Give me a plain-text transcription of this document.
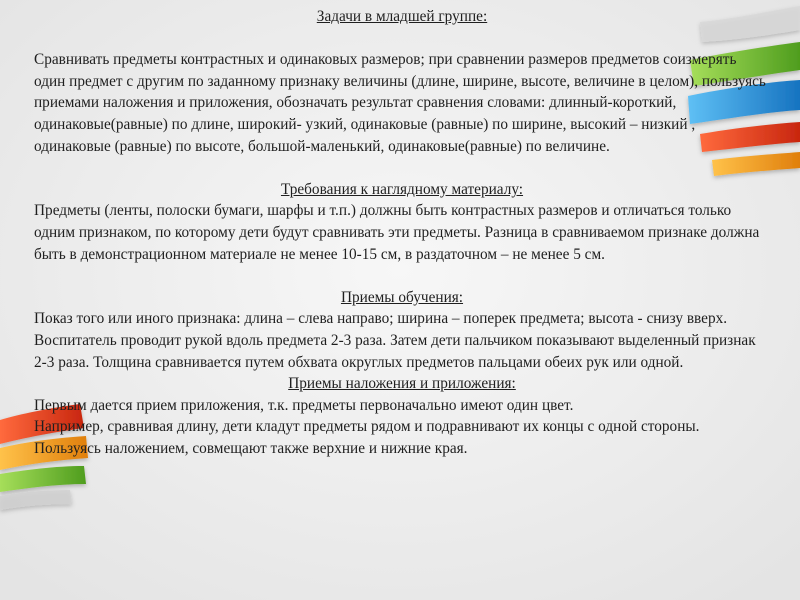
Задачи в младшей группе:

Сравнивать предметы контрастных и одинаковых размеров; при сравнении размеров предметов соизмерять один предмет с другим по заданному признаку величины (длине, ширине, высоте, величине в целом), пользуясь приемами наложения и приложения, обозначать результат сравнения словами: длинный-короткий, одинаковые(равные) по длине, широкий- узкий, одинаковые (равные) по ширине, высокий – низкий , одинаковые (равные) по высоте, большой-маленький, одинаковые(равные) по величине.

Требования к наглядному материалу:

Предметы (ленты, полоски бумаги, шарфы и т.п.) должны быть контрастных размеров и отличаться только одним признаком, по которому дети будут сравнивать эти предметы. Разница в сравниваемом признаке должна быть в демонстрационном материале не менее 10-15 см, в раздаточном – не менее 5 см.

Приемы обучения:

Показ того или иного признака: длина – слева направо; ширина – поперек предмета; высота - снизу вверх.

Воспитатель проводит рукой вдоль предмета 2-3 раза. Затем дети пальчиком показывают выделенный признак 2-3 раза. Толщина сравнивается путем обхвата округлых предметов пальцами обеих рук или одной.

Приемы наложения и приложения:

Первым дается прием приложения, т.к. предметы первоначально имеют один цвет.

Например, сравнивая длину, дети кладут предметы рядом и подравнивают их концы с одной стороны.

Пользуясь наложением, совмещают также верхние и нижние края.
